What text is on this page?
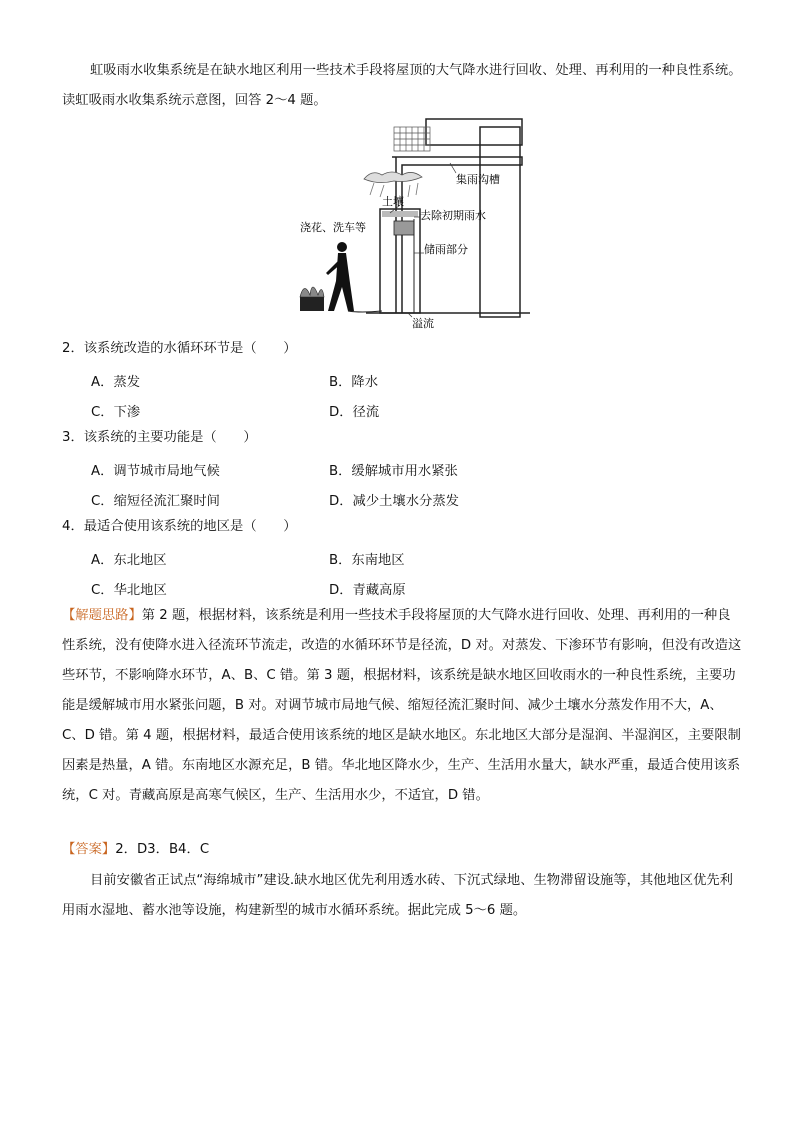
虹吸雨水收集系统是在缺水地区利用一些技术手段将屋顶的大气降水进行回收、处理、再利用的一种良性系统。读虹吸雨水收集系统示意图，回答 2～4 题。
集雨沟槽
土壤
去除初期雨水
浇花、洗车等
储雨部分
溢流
2．该系统改造的水循环环节是（　　）
A．蒸发	B．降水
C．下渗	D．径流
3．该系统的主要功能是（　　）
A．调节城市局地气候	B．缓解城市用水紧张
C．缩短径流汇聚时间	D．减少土壤水分蒸发
4．最适合使用该系统的地区是（　　）
A．东北地区	B．东南地区
C．华北地区	D．青藏高原
【解题思路】第 2 题，根据材料，该系统是利用一些技术手段将屋顶的大气降水进行回收、处理、再利用的一种良性系统，没有使降水进入径流环节流走，改造的水循环环节是径流，D 对。对蒸发、下渗环节有影响，但没有改造这些环节，不影响降水环节，A、B、C 错。第 3 题，根据材料，该系统是缺水地区回收雨水的一种良性系统，主要功能是缓解城市用水紧张问题，B 对。对调节城市局地气候、缩短径流汇聚时间、减少土壤水分蒸发作用不大，A、C、D 错。第 4 题，根据材料，最适合使用该系统的地区是缺水地区。东北地区大部分是湿润、半湿润区，主要限制因素是热量，A 错。东南地区水源充足，B 错。华北地区降水少，生产、生活用水量大，缺水严重，最适合使用该系统，C 对。青藏高原是高寒气候区，生产、生活用水少，不适宜，D 错。
【答案】2．D3．B4．C
目前安徽省正试点“海绵城市”建设.缺水地区优先利用透水砖、下沉式绿地、生物滞留设施等，其他地区优先利用雨水湿地、蓄水池等设施，构建新型的城市水循环系统。据此完成 5～6 题。
